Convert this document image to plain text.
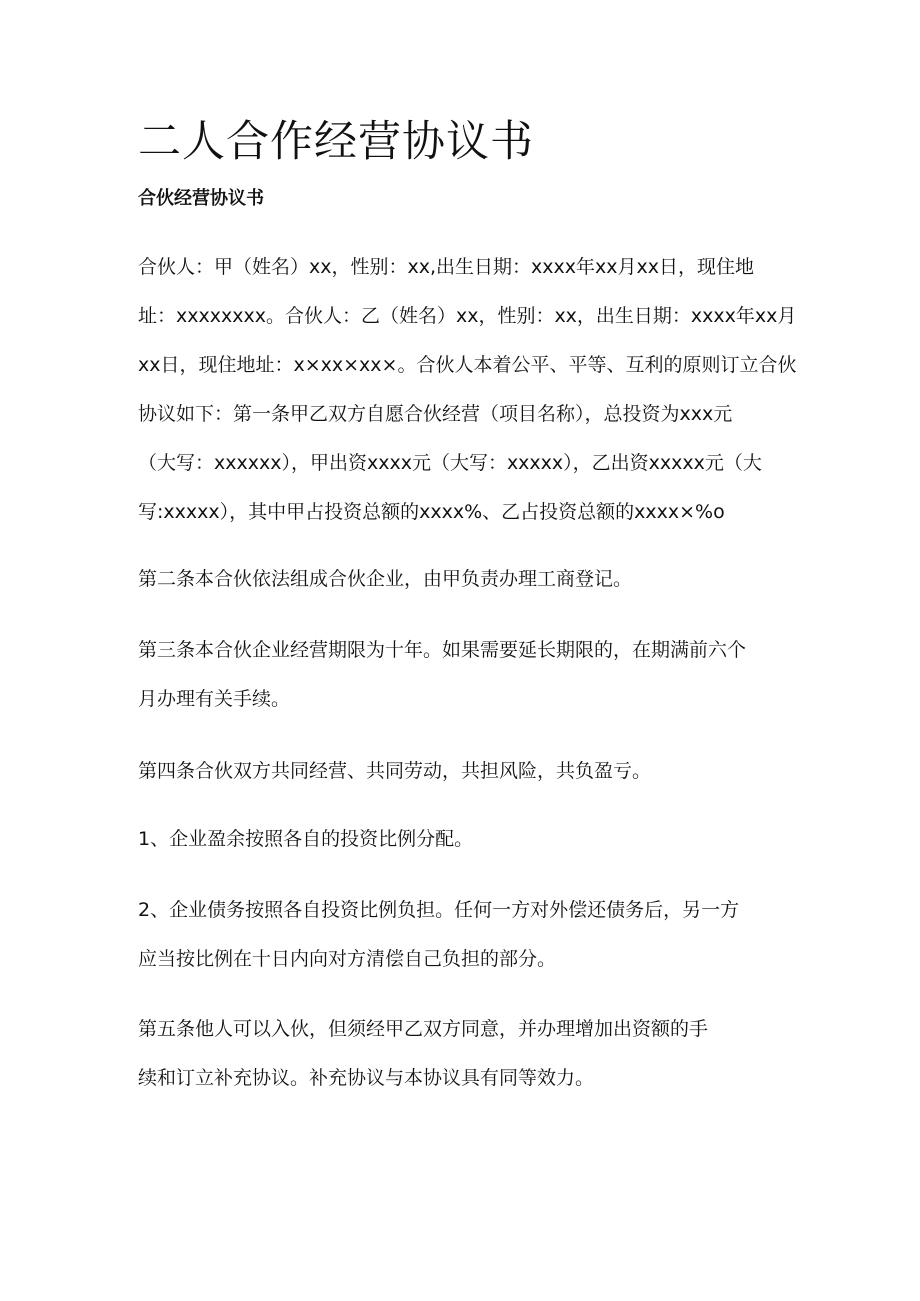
二人合作经营协议书
合伙经营协议书
合伙人：甲（姓名）xx，性别：xx,出生日期：xxxx年xx月xx日，现住地
址：xxxxxxxx。合伙人：乙（姓名）xx，性别：xx，出生日期：xxxx年xx月
xx日，现住地址：x×xx×xx×。合伙人本着公平、平等、互利的原则订立合伙
协议如下：第一条甲乙双方自愿合伙经营（项目名称），总投资为xxx元
（大写：xxxxxx），甲出资xxxx元（大写：xxxxx），乙出资xxxxx元（大
写:xxxxx），其中甲占投资总额的xxxx%、乙占投资总额的xxxx×%o
第二条本合伙依法组成合伙企业，由甲负责办理工商登记。
第三条本合伙企业经营期限为十年。如果需要延长期限的，在期满前六个
月办理有关手续。
第四条合伙双方共同经营、共同劳动，共担风险，共负盈亏。
1、企业盈余按照各自的投资比例分配。
2、企业债务按照各自投资比例负担。任何一方对外偿还债务后，另一方
应当按比例在十日内向对方清偿自己负担的部分。
第五条他人可以入伙，但须经甲乙双方同意，并办理增加出资额的手
续和订立补充协议。补充协议与本协议具有同等效力。
